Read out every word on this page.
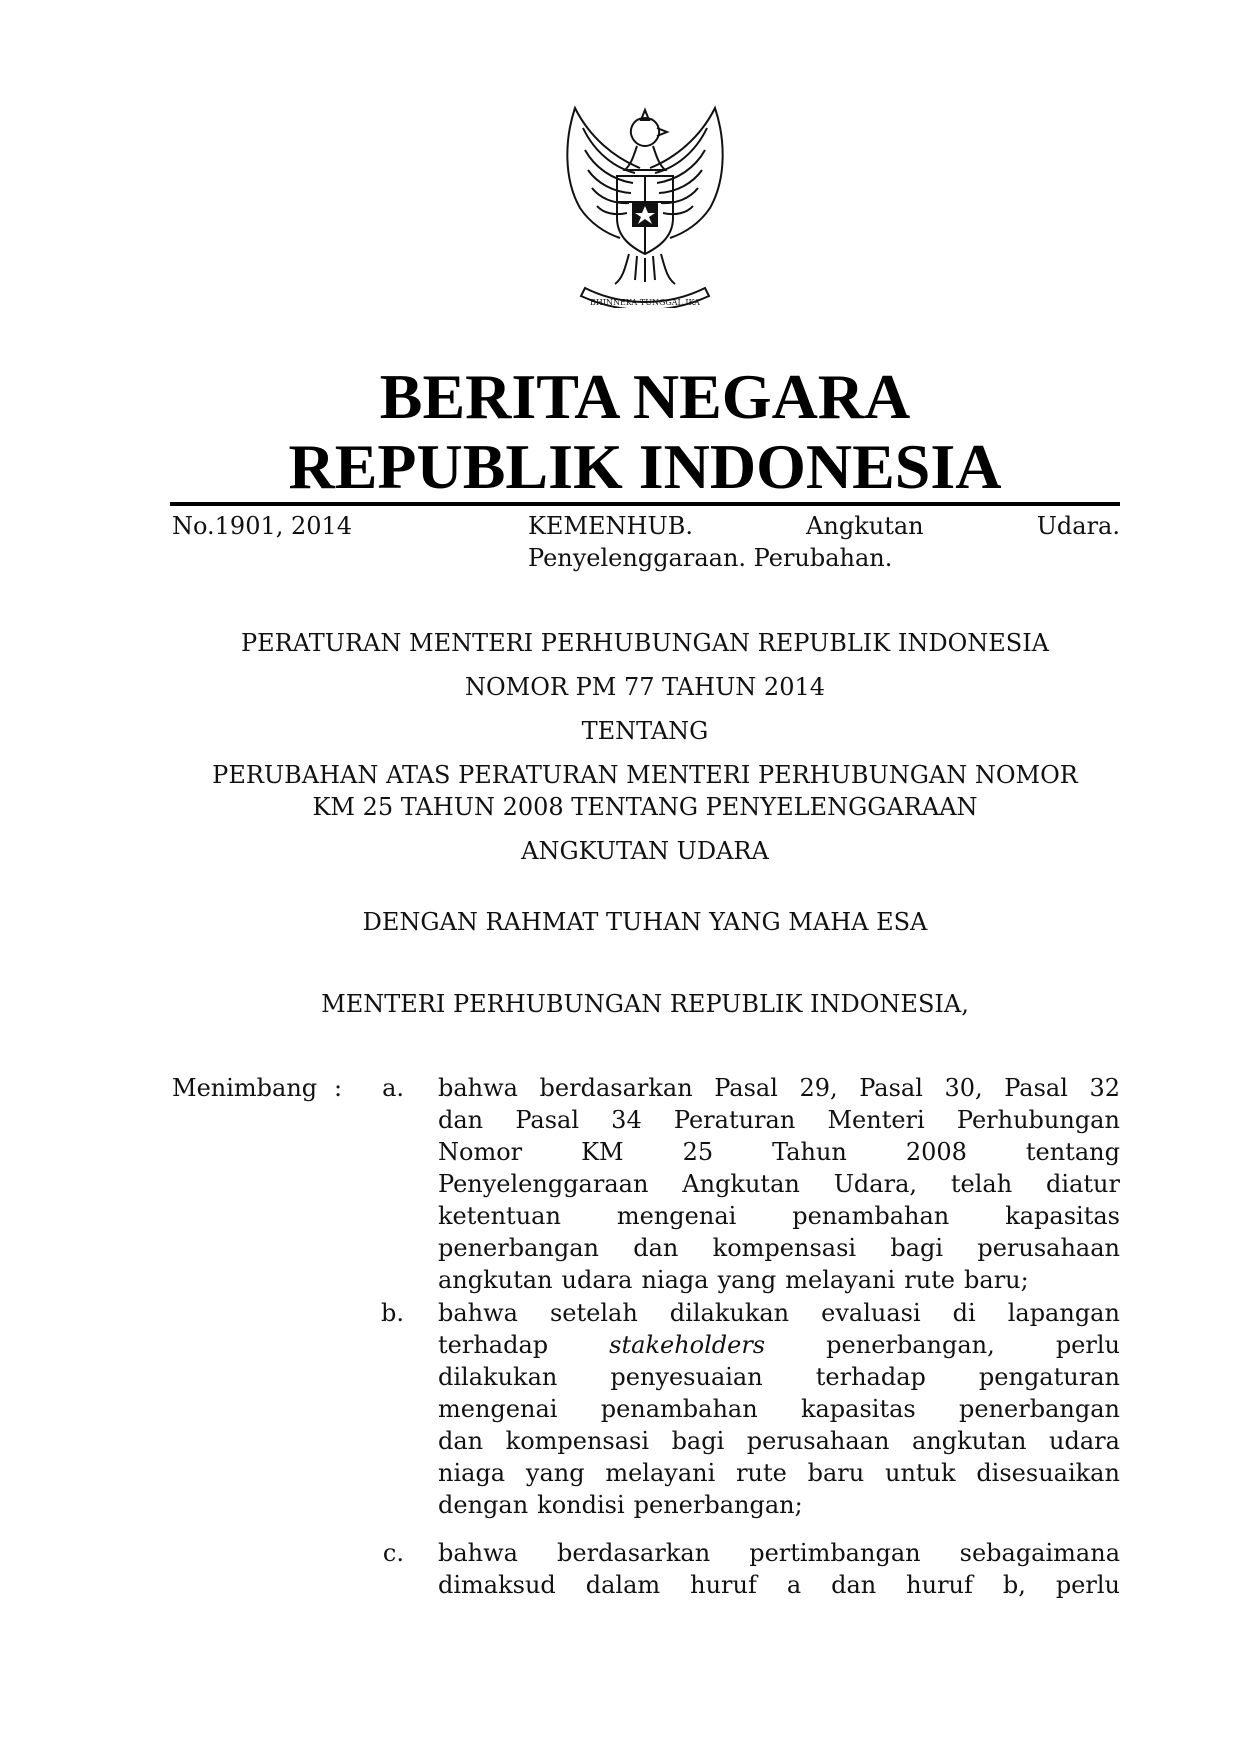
BHINNEKA TUNGGAL IKA
BERITA NEGARA
REPUBLIK INDONESIA
No.1901, 2014	KEMENHUB.	Angkutan	Udara.
Penyelenggaraan. Perubahan.
PERATURAN MENTERI PERHUBUNGAN REPUBLIK INDONESIA
NOMOR PM 77 TAHUN 2014
TENTANG
PERUBAHAN ATAS PERATURAN MENTERI PERHUBUNGAN NOMOR
KM 25 TAHUN 2008 TENTANG PENYELENGGARAAN
ANGKUTAN UDARA
DENGAN RAHMAT TUHAN YANG MAHA ESA
MENTERI PERHUBUNGAN REPUBLIK INDONESIA,
Menimbang :	a. bahwa berdasarkan Pasal 29, Pasal 30, Pasal 32
dan Pasal 34 Peraturan Menteri Perhubungan
Nomor KM 25 Tahun 2008 tentang
Penyelenggaraan Angkutan Udara, telah diatur
ketentuan mengenai penambahan kapasitas
penerbangan dan kompensasi bagi perusahaan
angkutan udara niaga yang melayani rute baru;
b. bahwa setelah dilakukan evaluasi di lapangan
terhadap	stakeholders	penerbangan,	perlu
dilakukan penyesuaian terhadap pengaturan
mengenai penambahan kapasitas penerbangan
dan kompensasi bagi perusahaan angkutan udara
niaga yang melayani rute baru untuk disesuaikan
dengan kondisi penerbangan;
c. bahwa berdasarkan pertimbangan sebagaimana
dimaksud dalam huruf a dan huruf b, perlu
